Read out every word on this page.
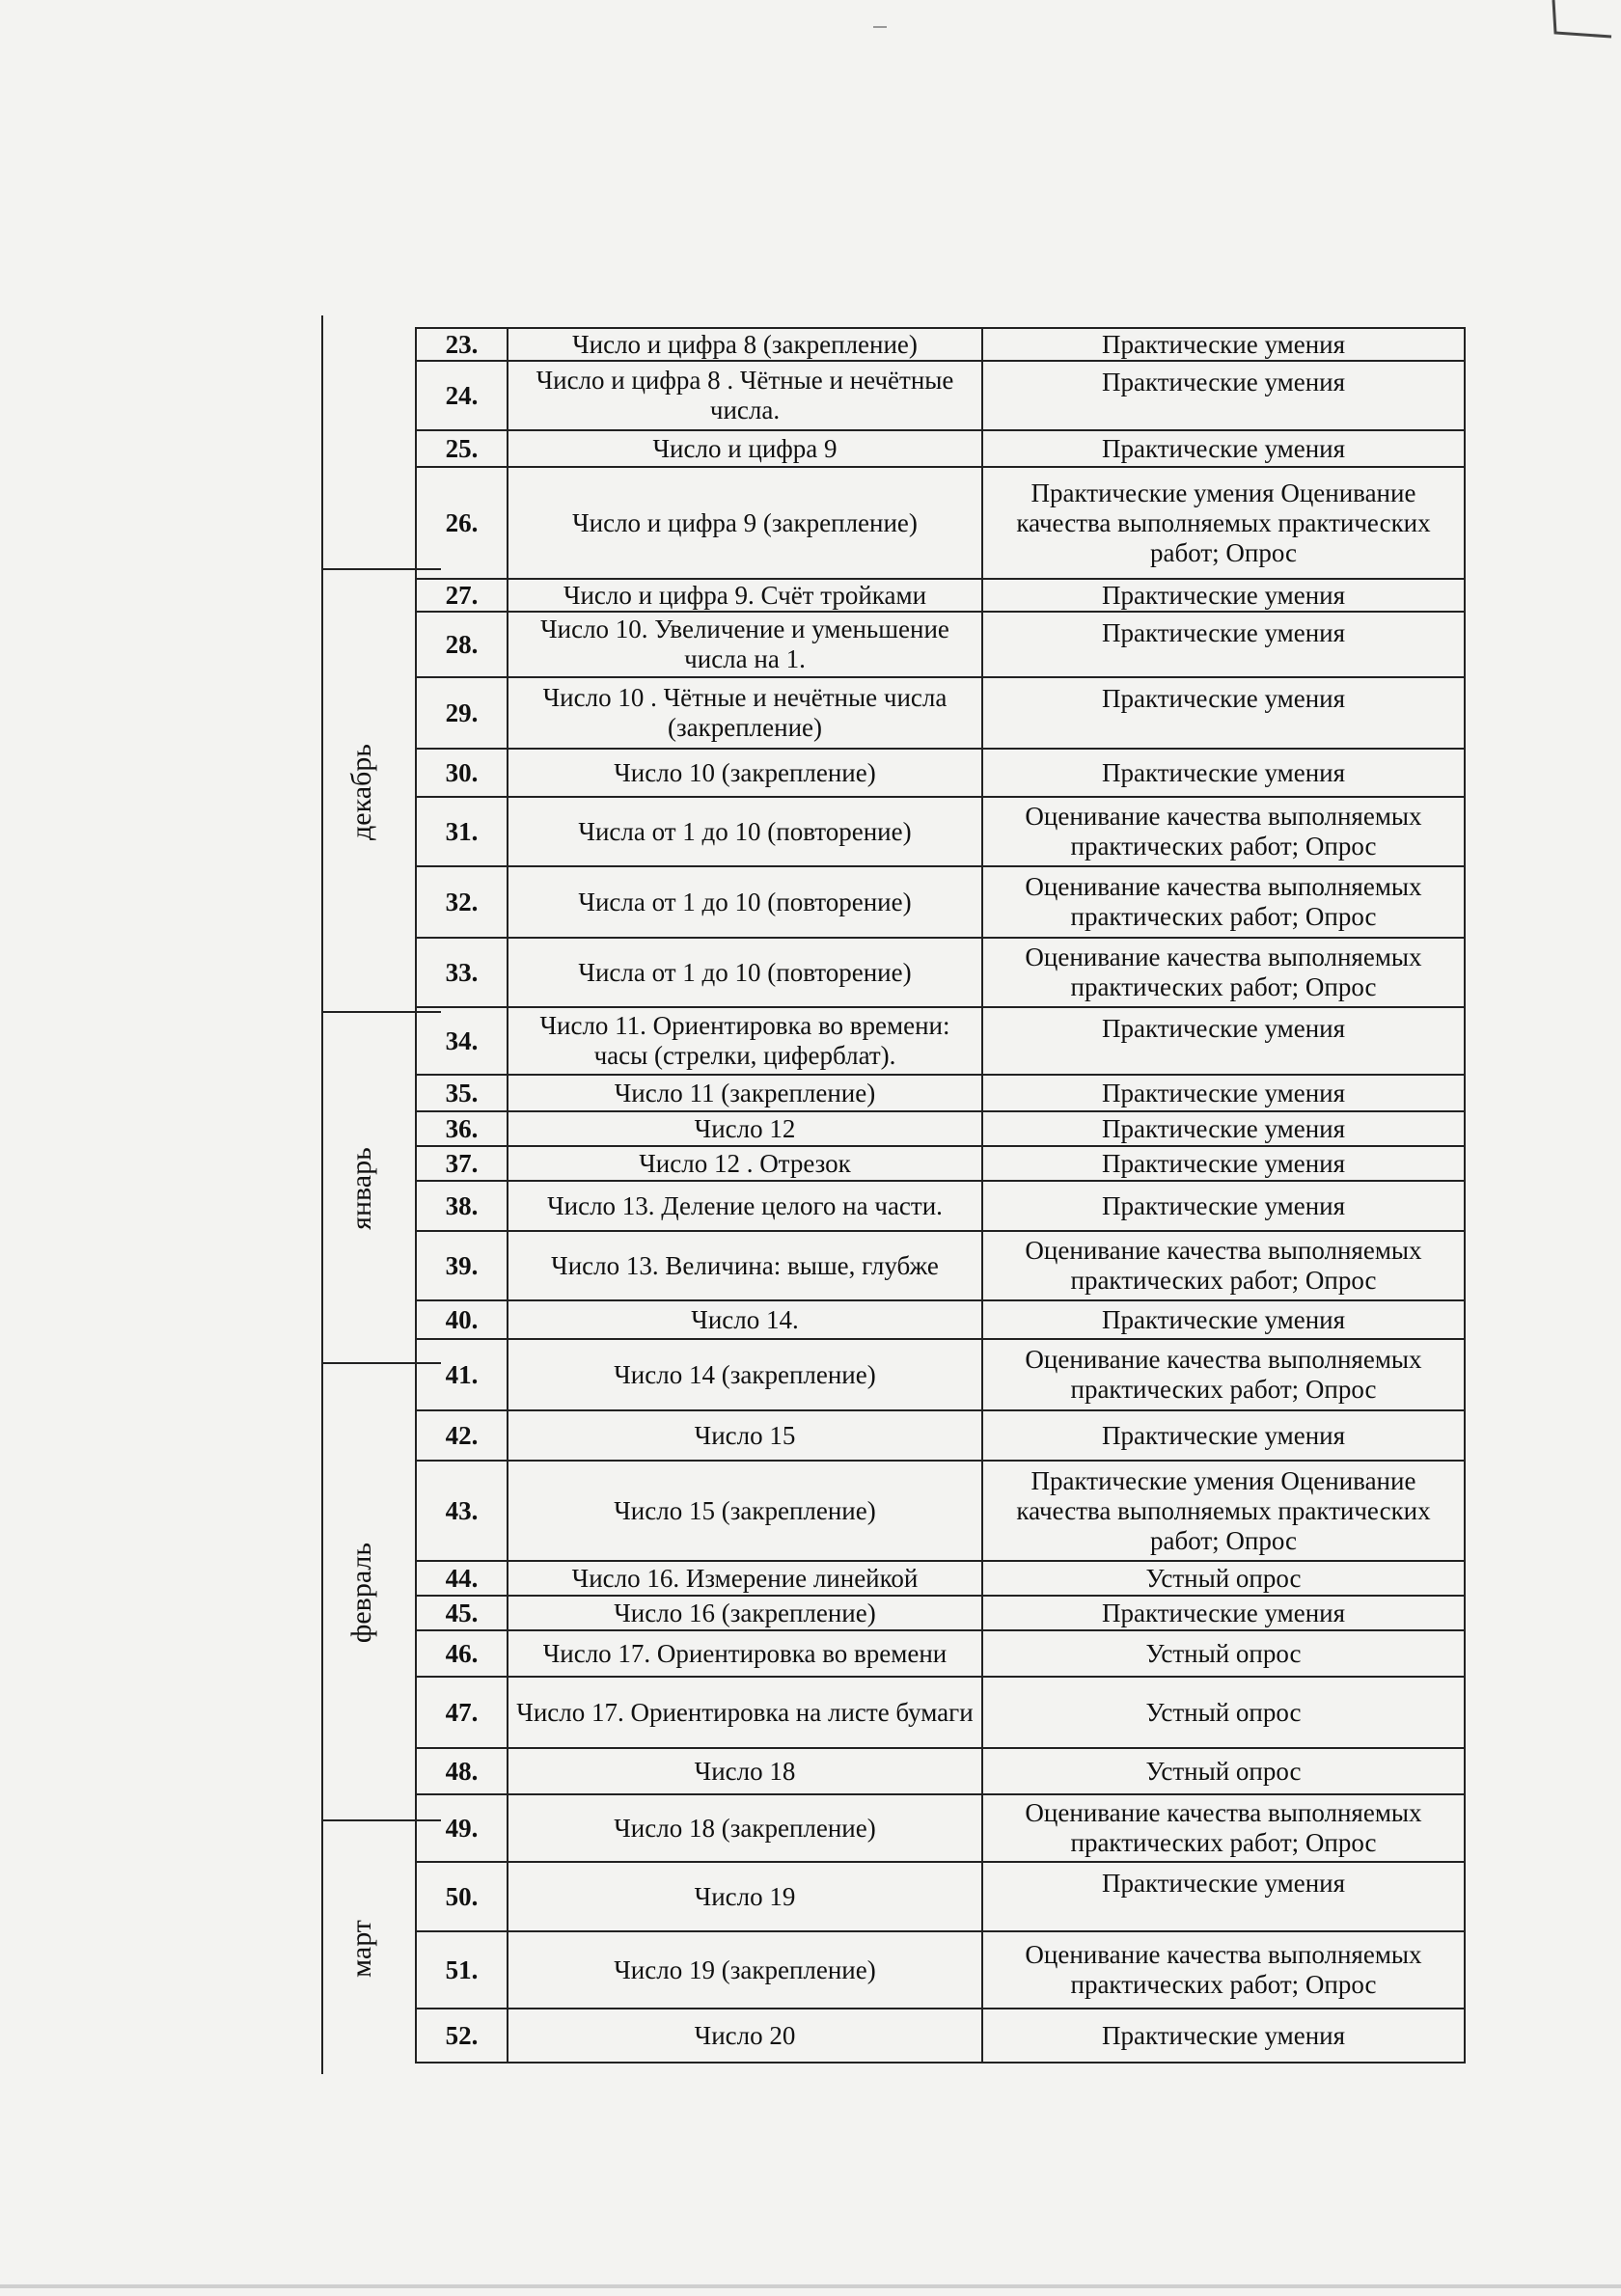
декабрь
январь
февраль
март
23.	Число и цифра 8 (закрепление)	Практические умения
24.	Число и цифра 8 . Чётные и нечётные числа.	Практические умения
25.	Число и цифра 9	Практические умения
26.	Число и цифра 9 (закрепление)	Практические умения Оценивание качества выполняемых практических работ; Опрос
27.	Число и цифра 9. Счёт тройками	Практические умения
28.	Число 10. Увеличение и уменьшение числа на 1.	Практические умения
29.	Число 10 . Чётные и нечётные числа (закрепление)	Практические умения
30.	Число 10 (закрепление)	Практические умения
31.	Числа от 1 до 10 (повторение)	Оценивание качества выполняемых практических работ; Опрос
32.	Числа от 1 до 10 (повторение)	Оценивание качества выполняемых практических работ; Опрос
33.	Числа от 1 до 10 (повторение)	Оценивание качества выполняемых практических работ; Опрос
34.	Число 11. Ориентировка во времени: часы (стрелки, циферблат).	Практические умения
35.	Число 11 (закрепление)	Практические умения
36.	Число 12	Практические умения
37.	Число 12 . Отрезок	Практические умения
38.	Число 13. Деление целого на части.	Практические умения
39.	Число 13. Величина: выше, глубже	Оценивание качества выполняемых практических работ; Опрос
40.	Число 14.	Практические умения
41.	Число 14 (закрепление)	Оценивание качества выполняемых практических работ; Опрос
42.	Число 15	Практические умения
43.	Число 15 (закрепление)	Практические умения Оценивание качества выполняемых практических работ; Опрос
44.	Число 16. Измерение линейкой	Устный опрос
45.	Число 16 (закрепление)	Практические умения
46.	Число 17. Ориентировка во времени	Устный опрос
47.	Число 17. Ориентировка на листе бумаги	Устный опрос
48.	Число 18	Устный опрос
49.	Число 18 (закрепление)	Оценивание качества выполняемых практических работ; Опрос
50.	Число 19	Практические умения
51.	Число 19 (закрепление)	Оценивание качества выполняемых практических работ; Опрос
52.	Число 20	Практические умения
